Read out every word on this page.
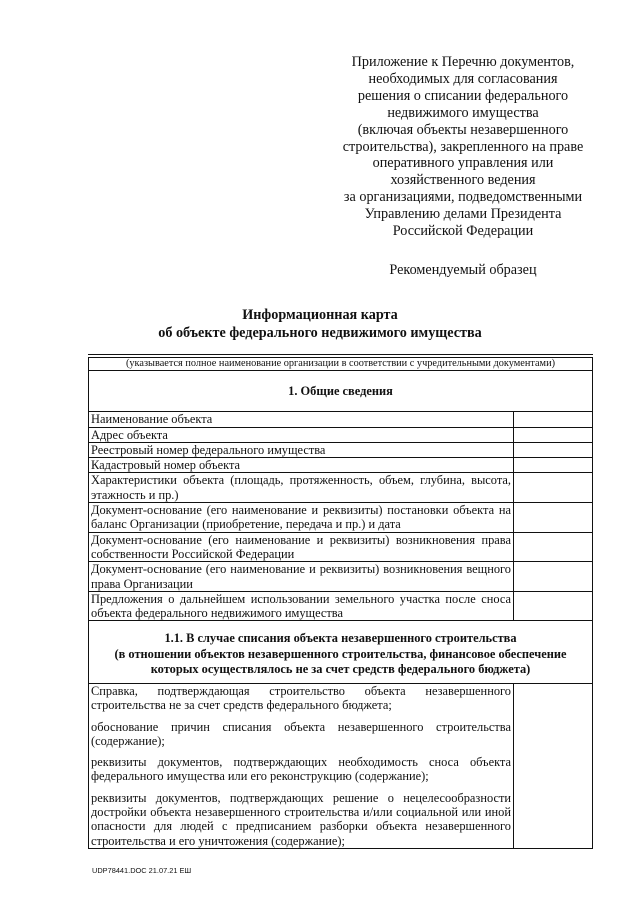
Приложение к Перечню документов,
необходимых для согласования
решения о списании федерального
недвижимого имущества
(включая объекты незавершенного
строительства), закрепленного на праве
оперативного управления или
хозяйственного ведения
за организациями, подведомственными
Управлению делами Президента
Российской Федерации
Рекомендуемый образец
Информационная карта
об объекте федерального недвижимого имущества
(указывается полное наименование организации в соответствии с учредительными документами)	
1. Общие сведения	
Наименование объекта	
Адрес объекта	
Реестровый номер федерального имущества	
Кадастровый номер объекта	
Характеристики объекта (площадь, протяженность, объем, глубина, высота, этажность и пр.)	
Документ-основание (его наименование и реквизиты) постановки объекта на баланс Организации (приобретение, передача и пр.) и дата	
Документ-основание (его наименование и реквизиты) возникновения права собственности Российской Федерации	
Документ-основание (его наименование и реквизиты) возникновения вещного права Организации	
Предложения о дальнейшем использовании земельного участка после сноса объекта федерального недвижимого имущества	

1.1. В случае списания объекта незавершенного строительства
(в отношении объектов незавершенного строительства, финансовое обеспечение
которых осуществлялось не за счет средств федерального бюджета)	

Справка, подтверждающая строительство объекта незавершенного строительства не за счет средств федерального бюджета;

обоснование причин списания объекта незавершенного строительства (содержание);

реквизиты документов, подтверждающих необходимость сноса объекта федерального имущества или его реконструкцию (содержание);

реквизиты документов, подтверждающих решение о нецелесообразности достройки объекта незавершенного строительства и/или социальной или иной опасности для людей с предписанием разборки объекта незавершенного строительства и его уничтожения (содержание);	

UDP78441.DOC 21.07.21 ЕШ
